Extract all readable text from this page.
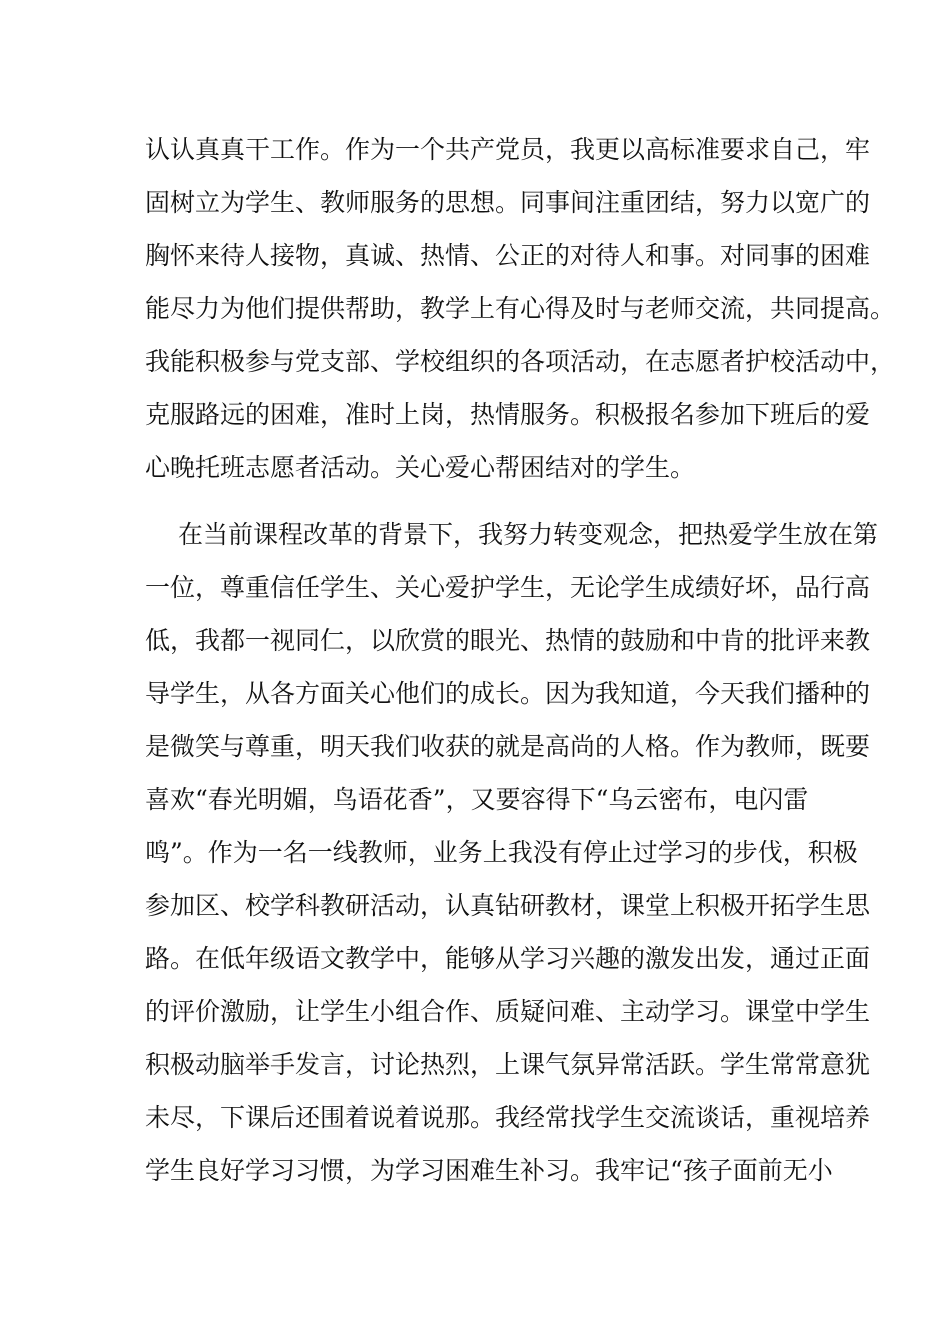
认认真真干工作。作为一个共产党员，我更以高标准要求自己，牢
固树立为学生、教师服务的思想。同事间注重团结，努力以宽广的
胸怀来待人接物，真诚、热情、公正的对待人和事。对同事的困难
能尽力为他们提供帮助，教学上有心得及时与老师交流，共同提高。
我能积极参与党支部、学校组织的各项活动，在志愿者护校活动中，
克服路远的困难，准时上岗，热情服务。积极报名参加下班后的爱
心晚托班志愿者活动。关心爱心帮困结对的学生。
在当前课程改革的背景下，我努力转变观念，把热爱学生放在第
一位，尊重信任学生、关心爱护学生，无论学生成绩好坏，品行高
低，我都一视同仁，以欣赏的眼光、热情的鼓励和中肯的批评来教
导学生，从各方面关心他们的成长。因为我知道，今天我们播种的
是微笑与尊重，明天我们收获的就是高尚的人格。作为教师，既要
喜欢“春光明媚，鸟语花香”，又要容得下“乌云密布，电闪雷
鸣”。作为一名一线教师，业务上我没有停止过学习的步伐，积极
参加区、校学科教研活动，认真钻研教材，课堂上积极开拓学生思
路。在低年级语文教学中，能够从学习兴趣的激发出发，通过正面
的评价激励，让学生小组合作、质疑问难、主动学习。课堂中学生
积极动脑举手发言，讨论热烈，上课气氛异常活跃。学生常常意犹
未尽，下课后还围着说着说那。我经常找学生交流谈话，重视培养
学生良好学习习惯，为学习困难生补习。我牢记“孩子面前无小
